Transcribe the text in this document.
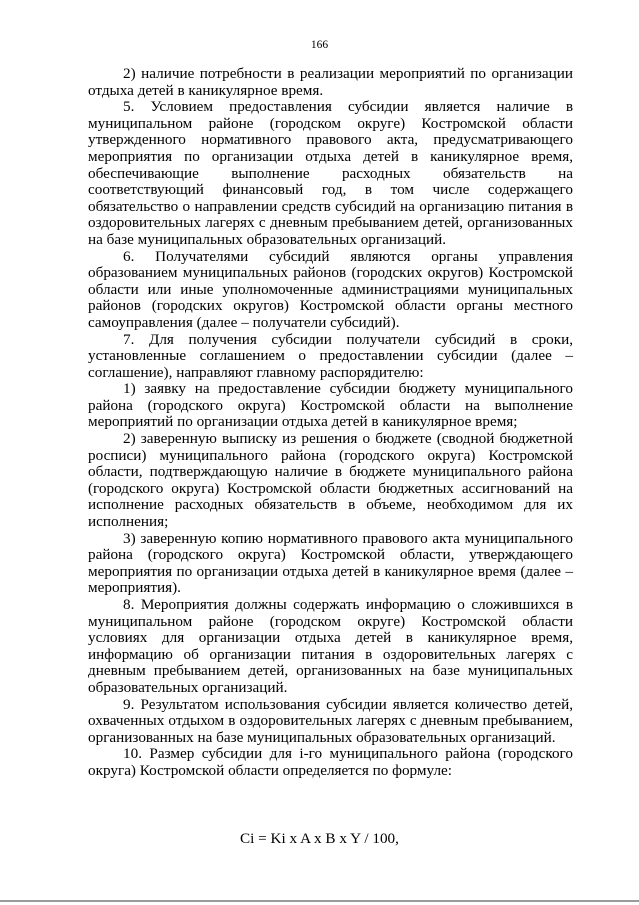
166

2) наличие потребности в реализации мероприятий по организации отдыха детей в каникулярное время.

5. Условием предоставления субсидии является наличие в муниципальном районе (городском округе) Костромской области утвержденного нормативного правового акта, предусматривающего мероприятия по организации отдыха детей в каникулярное время, обеспечивающие выполнение расходных обязательств на соответствующий финансовый год, в том числе содержащего обязательство о направлении средств субсидий на организацию питания в оздоровительных лагерях с дневным пребыванием детей, организованных на базе муниципальных образовательных организаций.

6. Получателями субсидий являются органы управления образованием муниципальных районов (городских округов) Костромской области или иные уполномоченные администрациями муниципальных районов (городских округов) Костромской области органы местного самоуправления (далее – получатели субсидий).

7. Для получения субсидии получатели субсидий в сроки, установленные соглашением о предоставлении субсидии (далее – соглашение), направляют главному распорядителю:

1) заявку на предоставление субсидии бюджету муниципального района (городского округа) Костромской области на выполнение мероприятий по организации отдыха детей в каникулярное время;

2) заверенную выписку из решения о бюджете (сводной бюджетной росписи) муниципального района (городского округа) Костромской области, подтверждающую наличие в бюджете муниципального района (городского округа) Костромской области бюджетных ассигнований на исполнение расходных обязательств в объеме, необходимом для их исполнения;

3) заверенную копию нормативного правового акта муниципального района (городского округа) Костромской области, утверждающего мероприятия по организации отдыха детей в каникулярное время (далее – мероприятия).

8. Мероприятия должны содержать информацию о сложившихся в муниципальном районе (городском округе) Костромской области условиях для организации отдыха детей в каникулярное время, информацию об организации питания в оздоровительных лагерях с дневным пребыванием детей, организованных на базе муниципальных образовательных организаций.

9. Результатом использования субсидии является количество детей, охваченных отдыхом в оздоровительных лагерях с дневным пребыванием, организованных на базе муниципальных образовательных организаций.

10. Размер субсидии для i-го муниципального района (городского округа) Костромской области определяется по формуле:

Ci = Ki x A x B x Y / 100,
